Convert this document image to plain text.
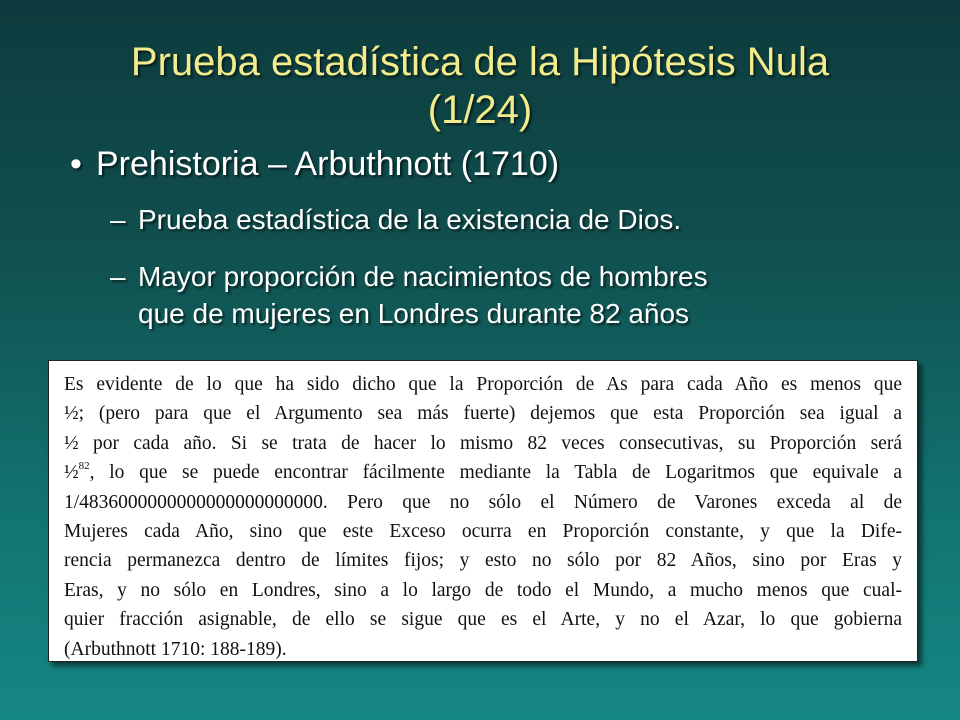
Prueba estadística de la Hipótesis Nula
(1/24)
• Prehistoria – Arbuthnott (1710)
– Prueba estadística de la existencia de Dios.
– Mayor proporción de nacimientos de hombres
que de mujeres en Londres durante 82 años
Es evidente de lo que ha sido dicho que la Proporción de As para cada Año es menos que
½; (pero para que el Argumento sea más fuerte) dejemos que esta Proporción sea igual a
½ por cada año. Si se trata de hacer lo mismo 82 veces consecutivas, su Proporción será
½$^{82}$, lo que se puede encontrar fácilmente mediante la Tabla de Logaritmos que equivale a
1/4836000000000000000000000. Pero que no sólo el Número de Varones exceda al de
Mujeres cada Año, sino que este Exceso ocurra en Proporción constante, y que la Dife-
rencia permanezca dentro de límites fijos; y esto no sólo por 82 Años, sino por Eras y
Eras, y no sólo en Londres, sino a lo largo de todo el Mundo, a mucho menos que cual-
quier fracción asignable, de ello se sigue que es el Arte, y no el Azar, lo que gobierna
(Arbuthnott 1710: 188-189).
